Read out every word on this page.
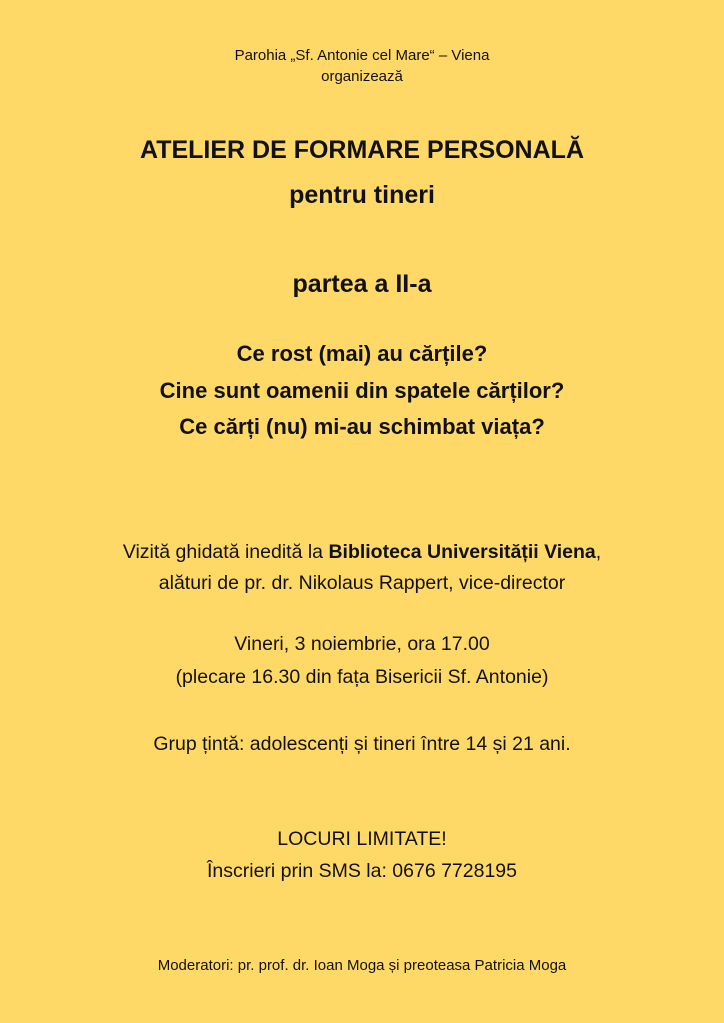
Parohia „Sf. Antonie cel Mare“ – Viena
organizează
ATELIER DE FORMARE PERSONALĂ
pentru tineri
partea a II-a
Ce rost (mai) au cărțile?
Cine sunt oamenii din spatele cărților?
Ce cărți (nu) mi-au schimbat viața?
Vizită ghidată inedită la Biblioteca Universității Viena,
alături de pr. dr. Nikolaus Rappert, vice-director
Vineri, 3 noiembrie, ora 17.00
(plecare 16.30 din fața Bisericii Sf. Antonie)
Grup țintă: adolescenți și tineri între 14 și 21 ani.
LOCURI LIMITATE!
Înscrieri prin SMS la: 0676 7728195
Moderatori: pr. prof. dr. Ioan Moga și preoteasa Patricia Moga
